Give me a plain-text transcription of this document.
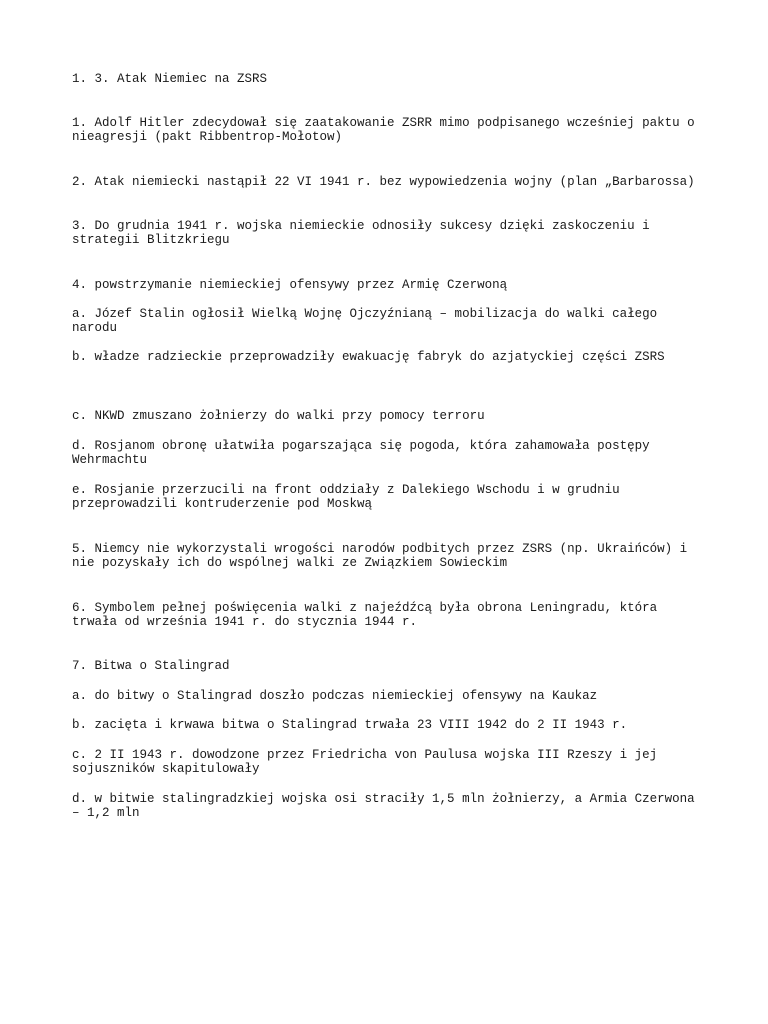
1. 3. Atak Niemiec na ZSRS
1. Adolf Hitler zdecydował się zaatakowanie ZSRR mimo podpisanego wcześniej paktu o
nieagresji (pakt Ribbentrop-Mołotow)
2. Atak niemiecki nastąpił 22 VI 1941 r. bez wypowiedzenia wojny (plan „Barbarossa)
3. Do grudnia 1941 r. wojska niemieckie odnosiły sukcesy dzięki zaskoczeniu i
strategii Blitzkriegu
4. powstrzymanie niemieckiej ofensywy przez Armię Czerwoną
a. Józef Stalin ogłosił Wielką Wojnę Ojczyźnianą – mobilizacja do walki całego
narodu
b. władze radzieckie przeprowadziły ewakuację fabryk do azjatyckiej części ZSRS
c. NKWD zmuszano żołnierzy do walki przy pomocy terroru
d. Rosjanom obronę ułatwiła pogarszająca się pogoda, która zahamowała postępy
Wehrmachtu
e. Rosjanie przerzucili na front oddziały z Dalekiego Wschodu i w grudniu
przeprowadzili kontruderzenie pod Moskwą
5. Niemcy nie wykorzystali wrogości narodów podbitych przez ZSRS (np. Ukraińców) i
nie pozyskały ich do wspólnej walki ze Związkiem Sowieckim
6. Symbolem pełnej poświęcenia walki z najeźdźcą była obrona Leningradu, która
trwała od września 1941 r. do stycznia 1944 r.
7. Bitwa o Stalingrad
a. do bitwy o Stalingrad doszło podczas niemieckiej ofensywy na Kaukaz
b. zacięta i krwawa bitwa o Stalingrad trwała 23 VIII 1942 do 2 II 1943 r.
c. 2 II 1943 r. dowodzone przez Friedricha von Paulusa wojska III Rzeszy i jej
sojuszników skapitulowały
d. w bitwie stalingradzkiej wojska osi straciły 1,5 mln żołnierzy, a Armia Czerwona
– 1,2 mln
